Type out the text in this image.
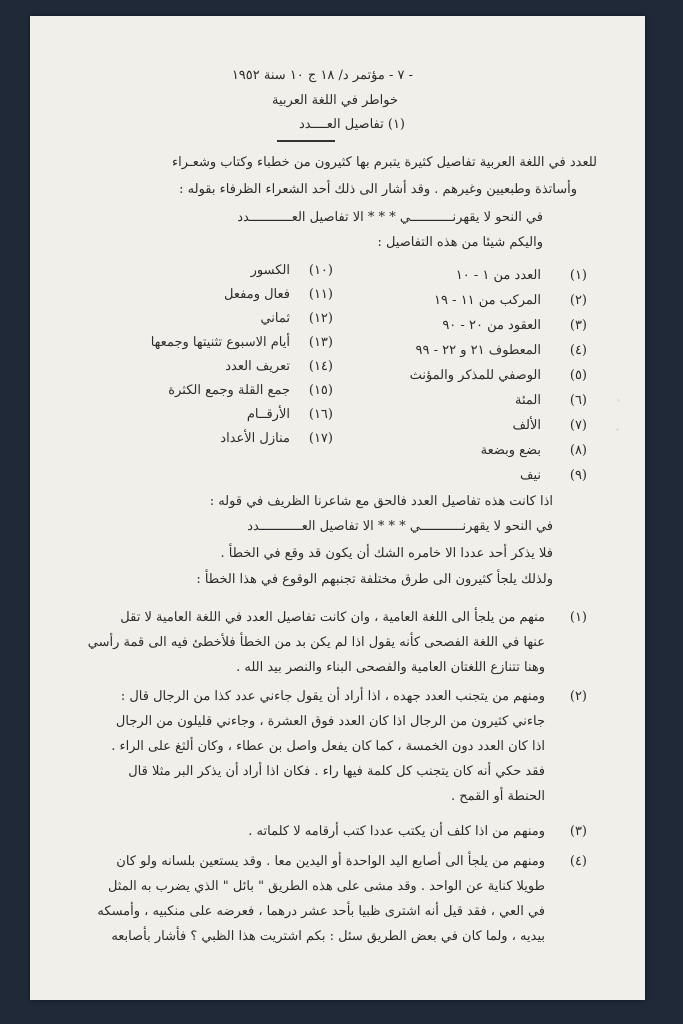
- ٧ - مؤتمر د/ ١٨ ج ١٠ سنة ١٩٥٢
خواطر في اللغة العربية
(١) تفاصيل العــــدد
للعدد في اللغة العربية تفاصيل كثيرة يتبرم بها كثيرون من خطباء وكتاب وشعـراء
وأساتذة وطبعيين وغيرهم . وقد أشار الى ذلك أحد الشعراء الظرفاء بقوله :
في النحو لا يقهرنـــــــــــي * * * الا تفاصيل العـــــــــــدد
واليكم شيئا من هذه التفاصيل :
(١)
العدد من ١ - ١٠
(٢)
المركب من ١١ - ١٩
(٣)
العقود من ٢٠ - ٩٠
(٤)
المعطوف ٢١ و ٢٢ - ٩٩
(٥)
الوصفي للمذكر والمؤنث
(٦)
المئة
(٧)
الألف
(٨)
بضع وبضعة
(٩)
نيف
(١٠)
الكسور
(١١)
فعال ومفعل
(١٢)
ثماني
(١٣)
أيام الاسبوع تثنيتها وجمعها
(١٤)
تعريف العدد
(١٥)
جمع القلة وجمع الكثرة
(١٦)
الأرقــام
(١٧)
منازل الأعداد
اذا كانت هذه تفاصيل العدد فالحق مع شاعرنا الظريف في قوله :
في النحو لا يقهرنـــــــــــي * * * الا تفاصيل العـــــــــــدد
فلا يذكر أحد عددا الا خامره الشك أن يكون قد وقع في الخطأ .
ولذلك يلجأ كثيرون الى طرق مختلفة تجنبهم الوقوع في هذا الخطأ :
(١)
منهم من يلجأ الى اللغة العامية ، وان كانت تفاصيل العدد في اللغة العامية لا تقل
عنها في اللغة الفصحى كأنه يقول اذا لم يكن بد من الخطأ فلأخطئ فيه الى قمة رأسي
وهنا تتنازع اللغتان العامية والفصحى البناء والنصر بيد الله .
(٢)
ومنهم من يتجنب العدد جهده ، اذا أراد أن يقول جاءني عدد كذا من الرجال قال :
جاءني كثيرون من الرجال اذا كان العدد فوق العشرة ، وجاءني قليلون من الرجال
اذا كان العدد دون الخمسة ، كما كان يفعل واصل بن عطاء ، وكان ألثغ على الراء .
فقد حكي أنه كان يتجنب كل كلمة فيها راء . فكان اذا أراد أن يذكر البر مثلا قال
الحنطة أو القمح .
(٣)
ومنهم من اذا كلف أن يكتب عددا كتب أرقامه لا كلماته .
(٤)
ومنهم من يلجأ الى أصابع اليد الواحدة أو اليدين معا . وقد يستعين بلسانه ولو كان
طويلا كناية عن الواحد . وقد مشى على هذه الطريق " بائل " الذي يضرب به المثل
في العي ، فقد قيل أنه اشترى ظبيا بأحد عشر درهما ، فعرضه على منكبيه ، وأمسكه
بيديه ، ولما كان في بعض الطريق سئل : بكم اشتريت هذا الظبي ؟ فأشار بأصابعه
